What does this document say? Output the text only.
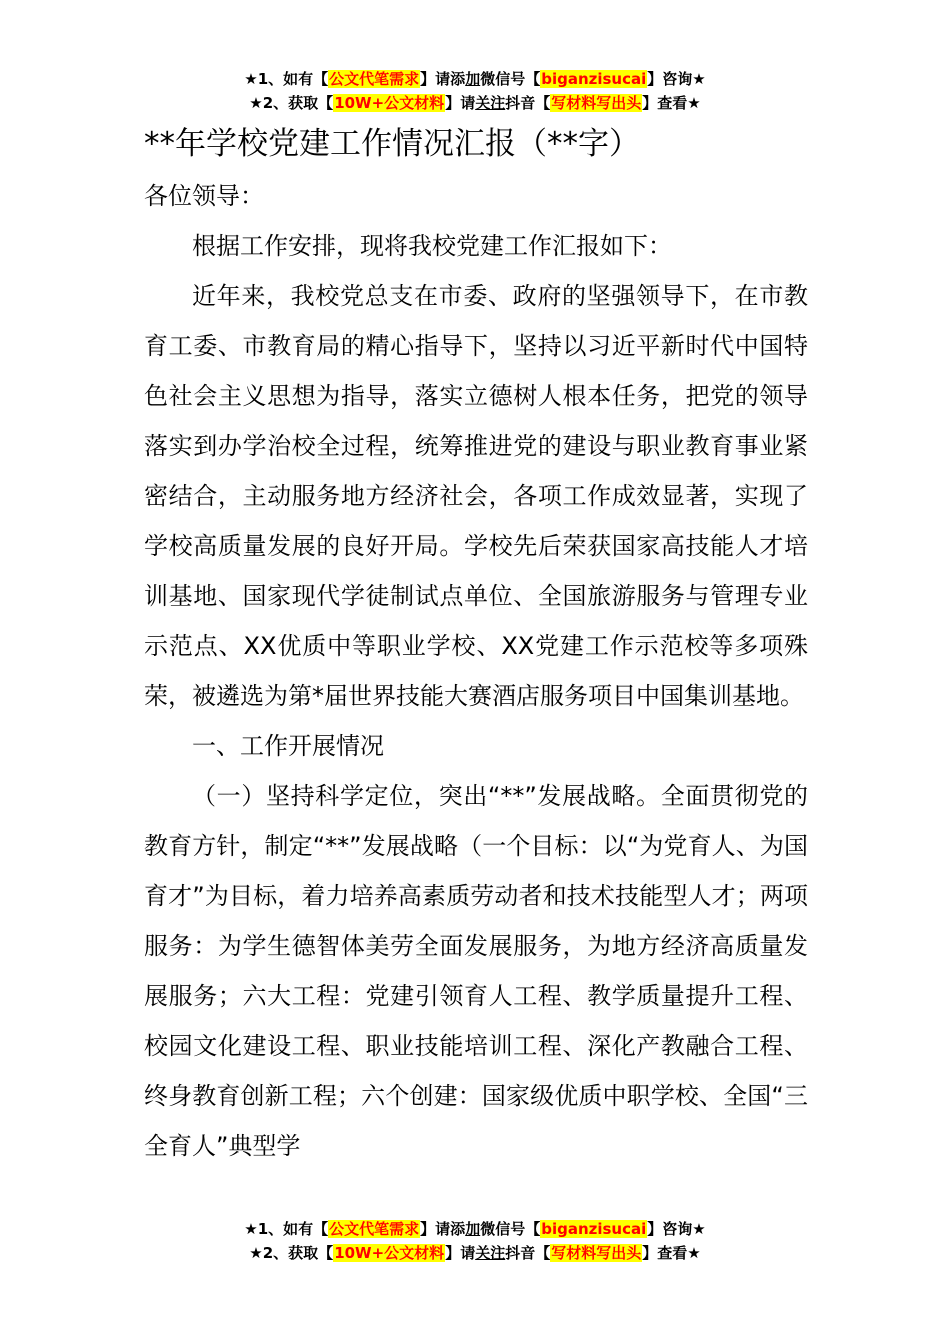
★1、如有【公文代笔需求】请添加微信号【biganzisucai】咨询★
★2、获取【10W+公文材料】请关注抖音【写材料写出头】查看★
**年学校党建工作情况汇报（**字）

各位领导：

根据工作安排，现将我校党建工作汇报如下：

近年来，我校党总支在市委、政府的坚强领导下，在市教育工委、市教育局的精心指导下，坚持以习近平新时代中国特色社会主义思想为指导，落实立德树人根本任务，把党的领导落实到办学治校全过程，统筹推进党的建设与职业教育事业紧密结合，主动服务地方经济社会，各项工作成效显著，实现了学校高质量发展的良好开局。学校先后荣获国家高技能人才培训基地、国家现代学徒制试点单位、全国旅游服务与管理专业示范点、XX优质中等职业学校、XX党建工作示范校等多项殊荣，被遴选为第*届世界技能大赛酒店服务项目中国集训基地。

一、工作开展情况

（一）坚持科学定位，突出“**”发展战略。全面贯彻党的教育方针，制定“**”发展战略（一个目标：以“为党育人、为国育才”为目标，着力培养高素质劳动者和技术技能型人才；两项服务：为学生德智体美劳全面发展服务，为地方经济高质量发展服务；六大工程：党建引领育人工程、教学质量提升工程、校园文化建设工程、职业技能培训工程、深化产教融合工程、终身教育创新工程；六个创建：国家级优质中职学校、全国“三全育人”典型学

★1、如有【公文代笔需求】请添加微信号【biganzisucai】咨询★
★2、获取【10W+公文材料】请关注抖音【写材料写出头】查看★
